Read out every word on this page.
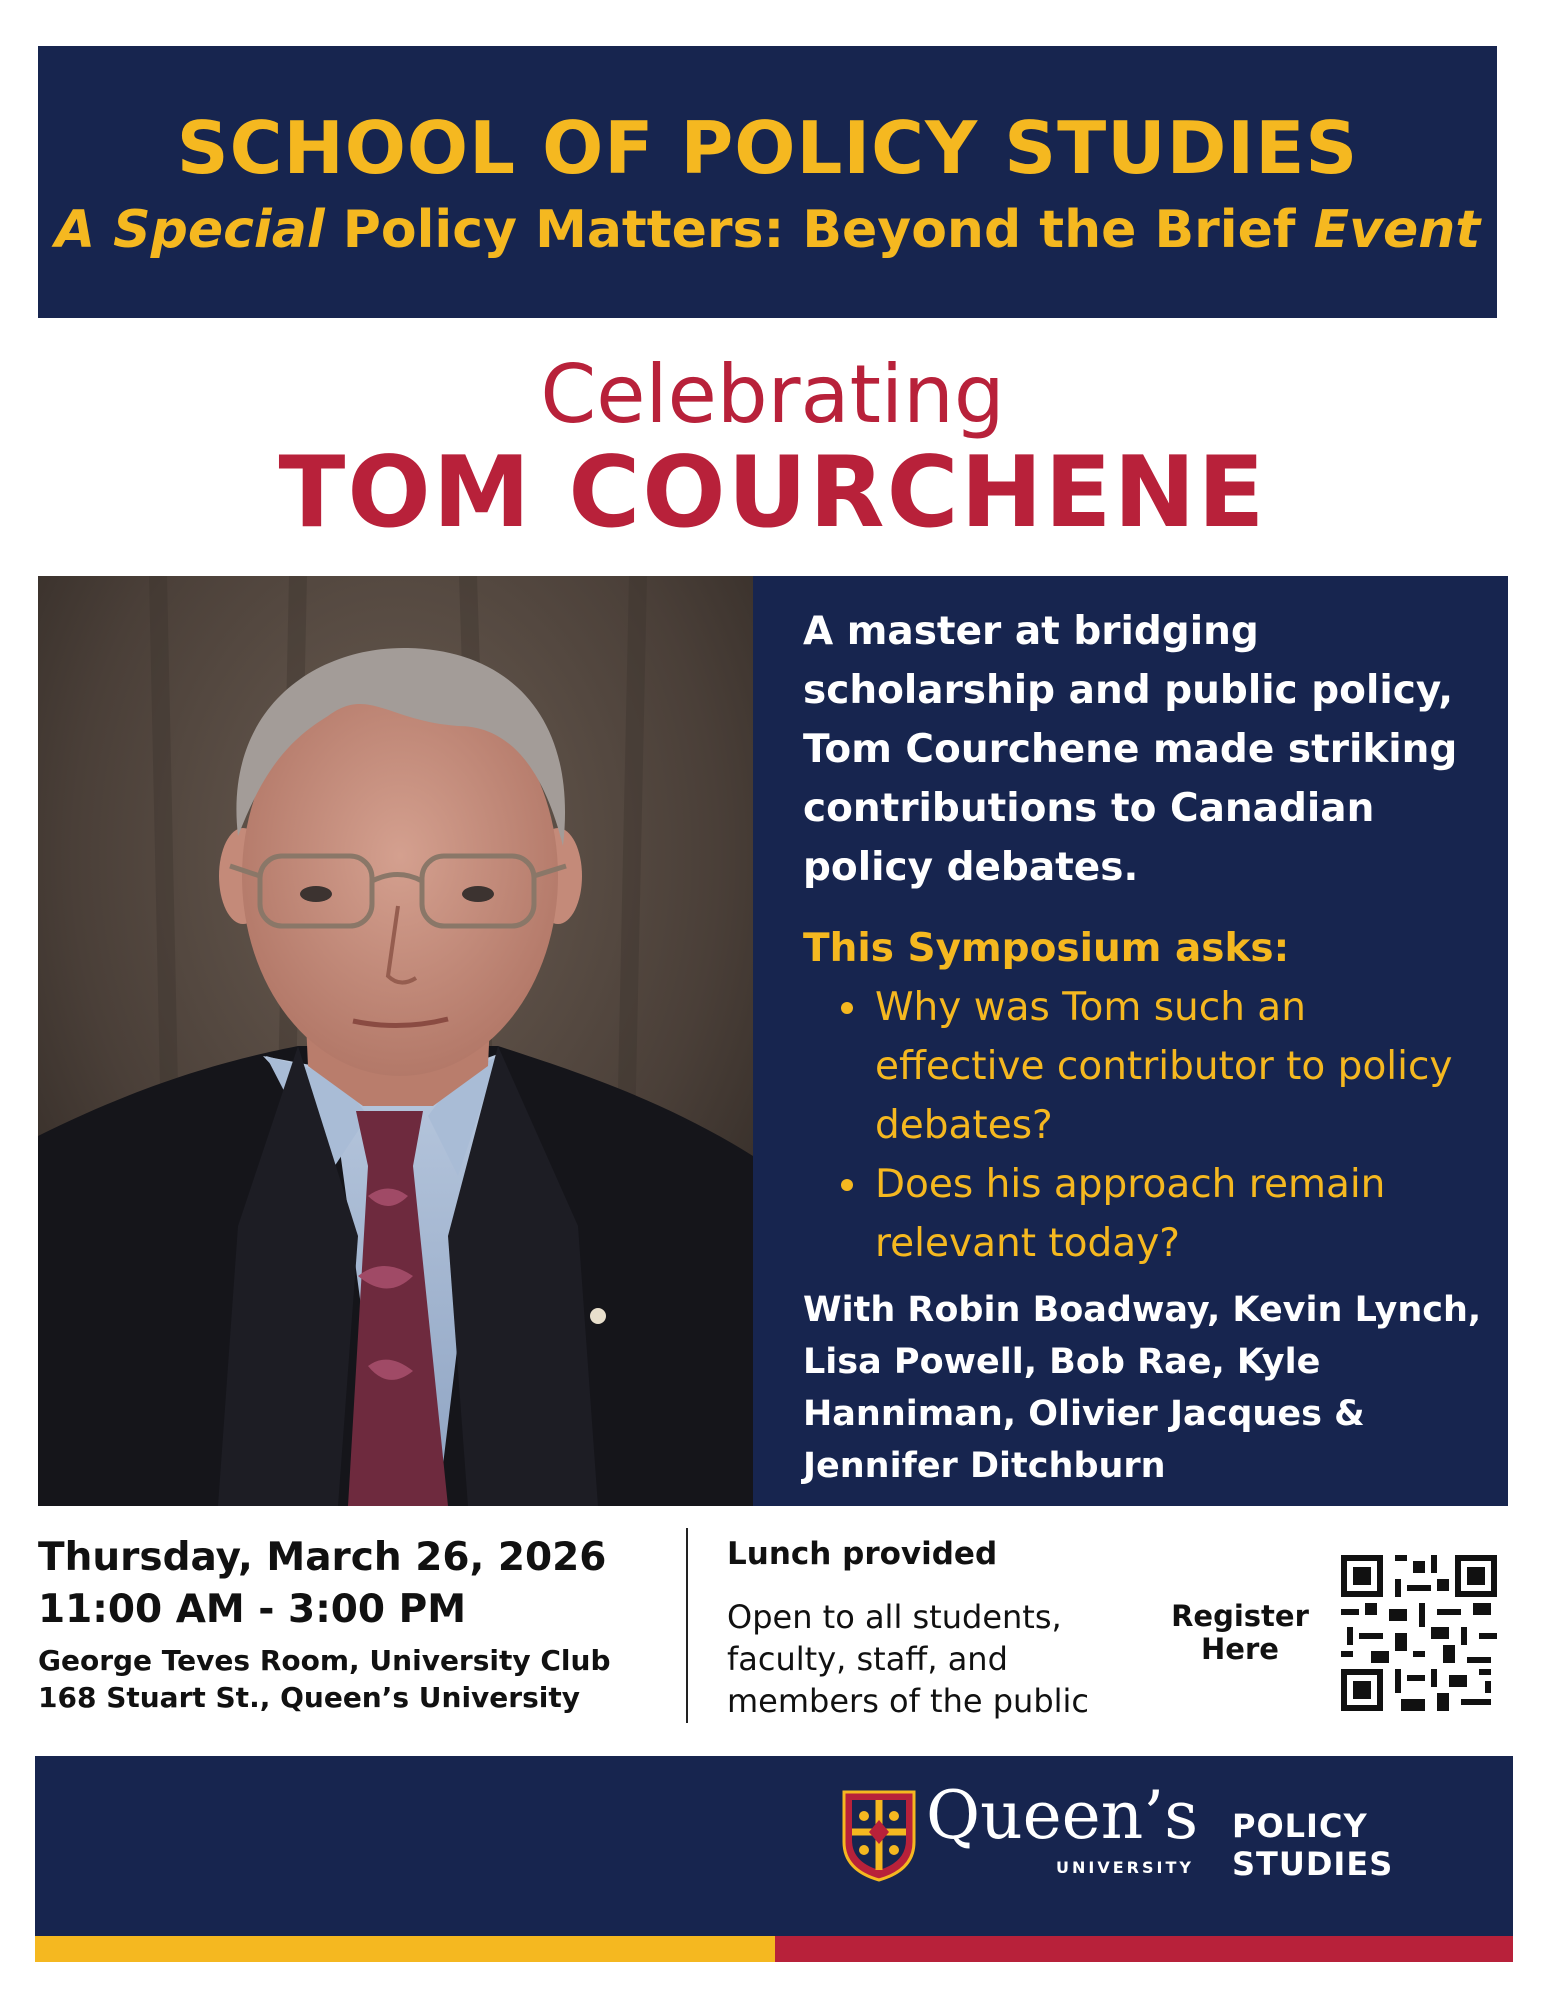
SCHOOL OF POLICY STUDIES
A Special Policy Matters: Beyond the Brief Event
Celebrating
TOM COURCHENE
A master at bridging scholarship and public policy, Tom Courchene made striking contributions to Canadian policy debates.
This Symposium asks:
Why was Tom such an effective contributor to policy debates?
Does his approach remain relevant today?
With Robin Boadway, Kevin Lynch, Lisa Powell, Bob Rae, Kyle Hanniman, Olivier Jacques & Jennifer Ditchburn
Thursday, March 26, 2026
11:00 AM - 3:00 PM
George Teves Room, University Club
168 Stuart St., Queen’s University
Lunch provided
Open to all students, faculty, staff, and members of the public
Register
Here
Queen’s
UNIVERSITY
POLICY
STUDIES
